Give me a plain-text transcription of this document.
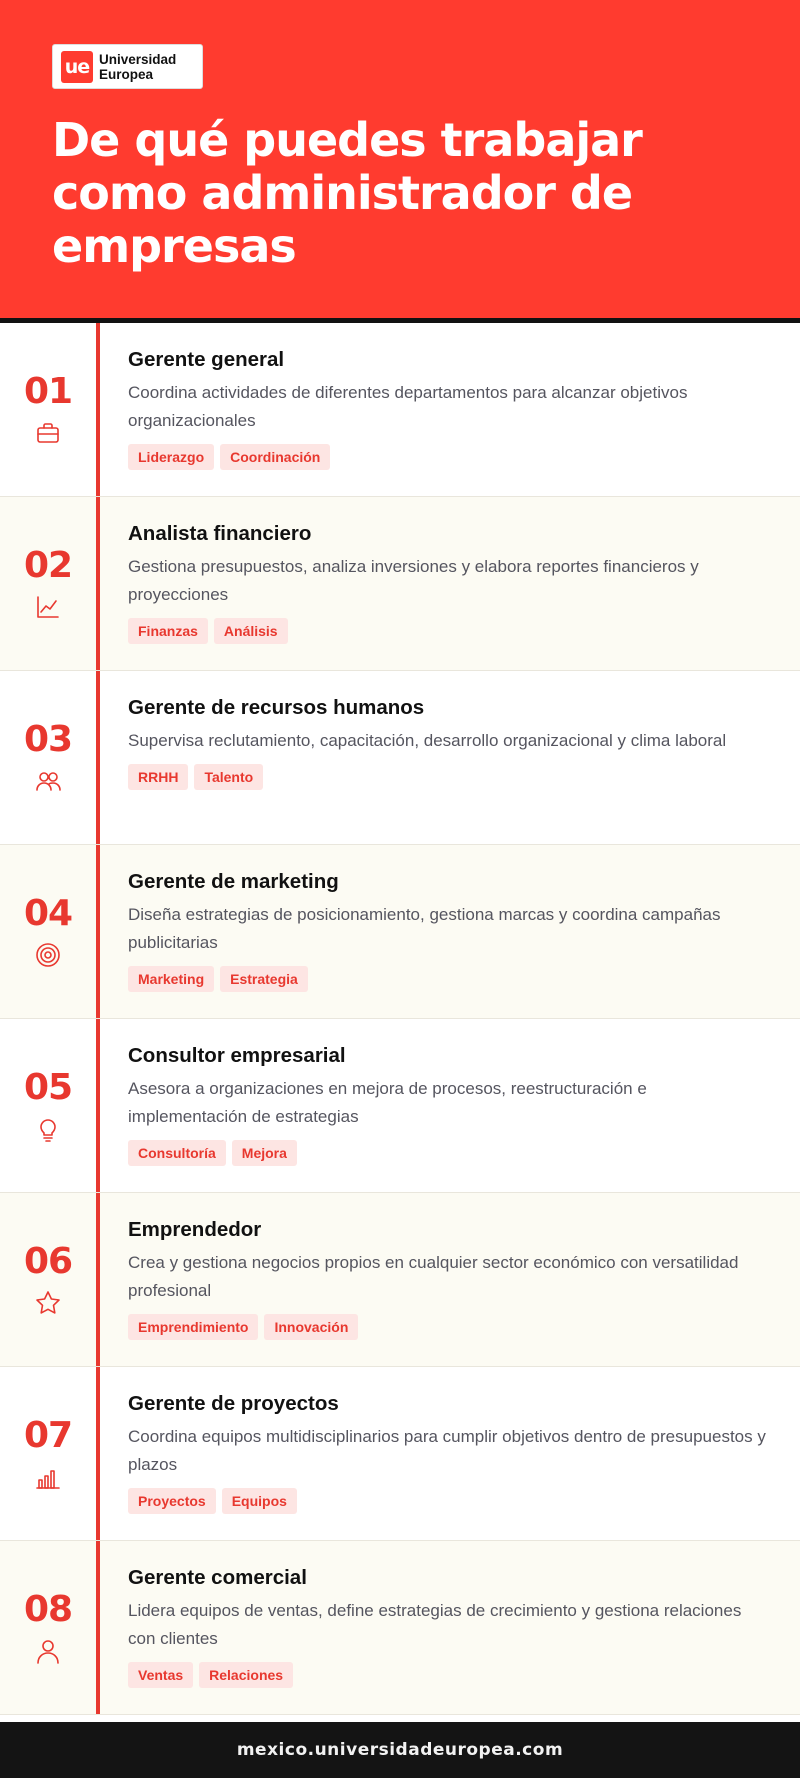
ue Universidad
Europea
De qué puedes trabajar como administrador de empresas
01
Gerente general
Coordina actividades de diferentes departamentos para alcanzar objetivos organizacionales
Liderazgo	Coordinación
02
Analista financiero
Gestiona presupuestos, analiza inversiones y elabora reportes financieros y proyecciones
Finanzas	Análisis
03
Gerente de recursos humanos
Supervisa reclutamiento, capacitación, desarrollo organizacional y clima laboral
RRHH	Talento
04
Gerente de marketing
Diseña estrategias de posicionamiento, gestiona marcas y coordina campañas publicitarias
Marketing	Estrategia
05
Consultor empresarial
Asesora a organizaciones en mejora de procesos, reestructuración e implementación de estrategias
Consultoría	Mejora
06
Emprendedor
Crea y gestiona negocios propios en cualquier sector económico con versatilidad profesional
Emprendimiento	Innovación
07
Gerente de proyectos
Coordina equipos multidisciplinarios para cumplir objetivos dentro de presupuestos y plazos
Proyectos	Equipos
08
Gerente comercial
Lidera equipos de ventas, define estrategias de crecimiento y gestiona relaciones con clientes
Ventas	Relaciones
mexico.universidadeuropea.com
